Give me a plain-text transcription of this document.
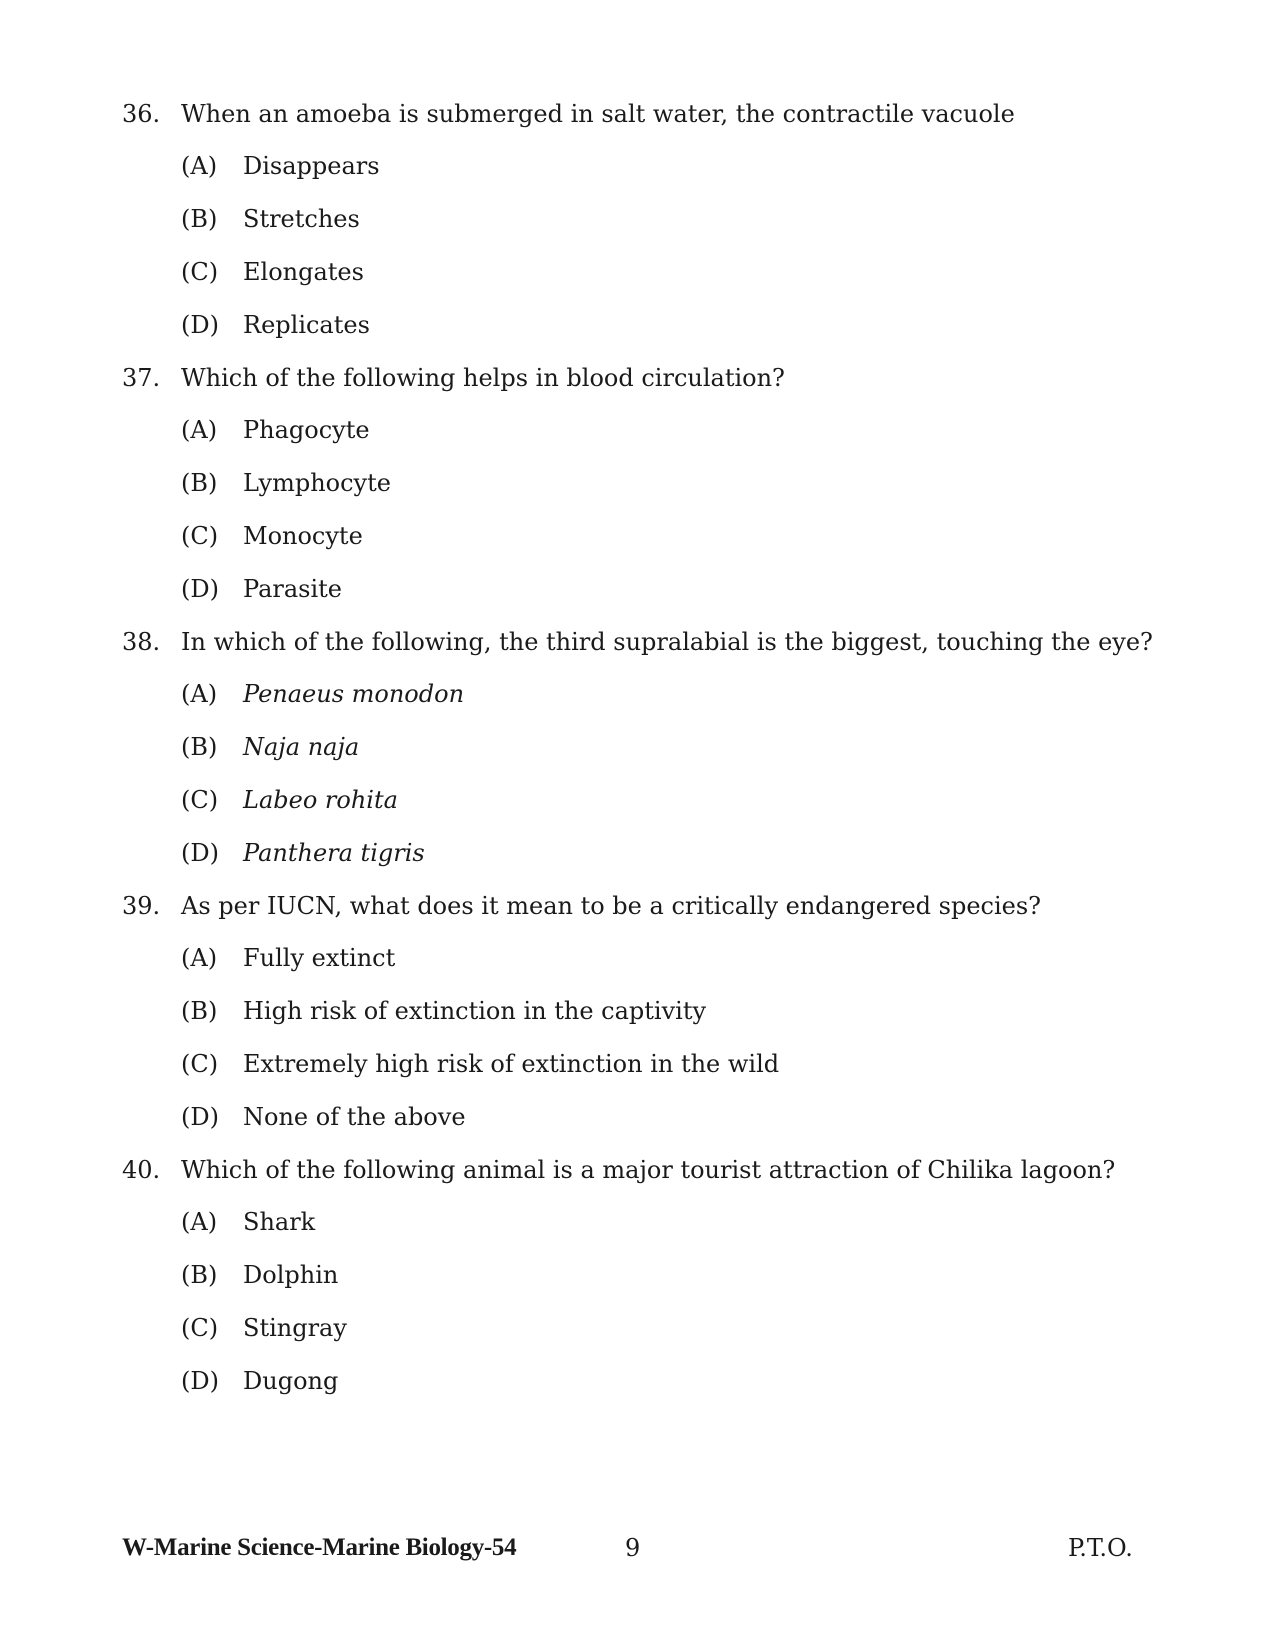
36. When an amoeba is submerged in salt water, the contractile vacuole
(A) Disappears
(B) Stretches
(C) Elongates
(D) Replicates
37. Which of the following helps in blood circulation?
(A) Phagocyte
(B) Lymphocyte
(C) Monocyte
(D) Parasite
38. In which of the following, the third supralabial is the biggest, touching the eye?
(A) Penaeus monodon
(B) Naja naja
(C) Labeo rohita
(D) Panthera tigris
39. As per IUCN, what does it mean to be a critically endangered species?
(A) Fully extinct
(B) High risk of extinction in the captivity
(C) Extremely high risk of extinction in the wild
(D) None of the above
40. Which of the following animal is a major tourist attraction of Chilika lagoon?
(A) Shark
(B) Dolphin
(C) Stingray
(D) Dugong
W-Marine Science-Marine Biology-54	9	P.T.O.
